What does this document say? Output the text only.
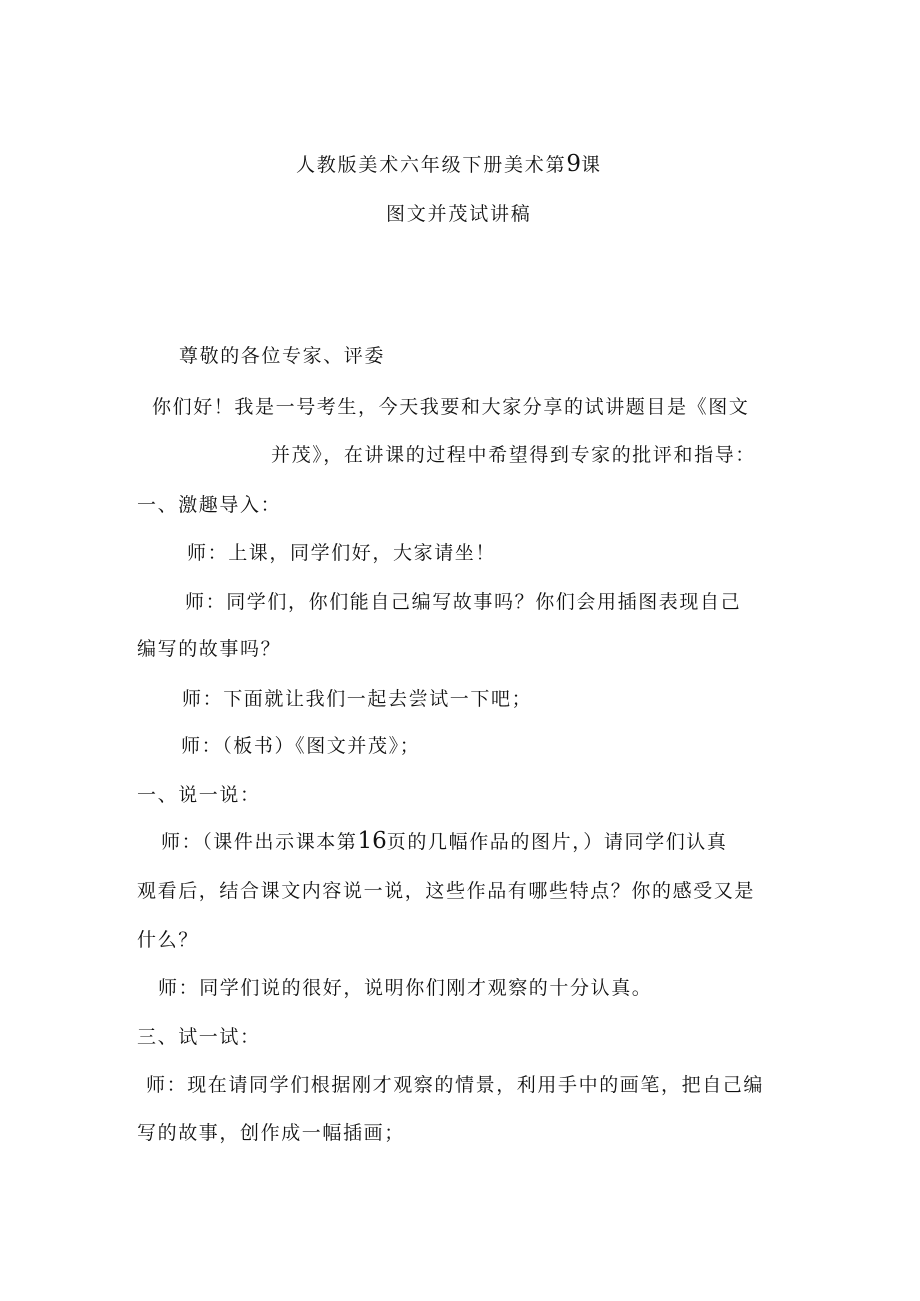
人教版美术六年级下册美术第9课
图文并茂试讲稿
尊敬的各位专家、评委
你们好！我是一号考生，今天我要和大家分享的试讲题目是《图文
并茂》，在讲课的过程中希望得到专家的批评和指导：
一、激趣导入：
师：上课，同学们好，大家请坐！
师：同学们，你们能自己编写故事吗？你们会用插图表现自己
编写的故事吗？
师：下面就让我们一起去尝试一下吧；
师：（板书）《图文并茂》；
一、说一说：
师：（课件出示课本第16页的几幅作品的图片，）请同学们认真
观看后，结合课文内容说一说，这些作品有哪些特点？你的感受又是
什么？
师：同学们说的很好，说明你们刚才观察的十分认真。
三、试一试：
师：现在请同学们根据刚才观察的情景，利用手中的画笔，把自己编
写的故事，创作成一幅插画；
